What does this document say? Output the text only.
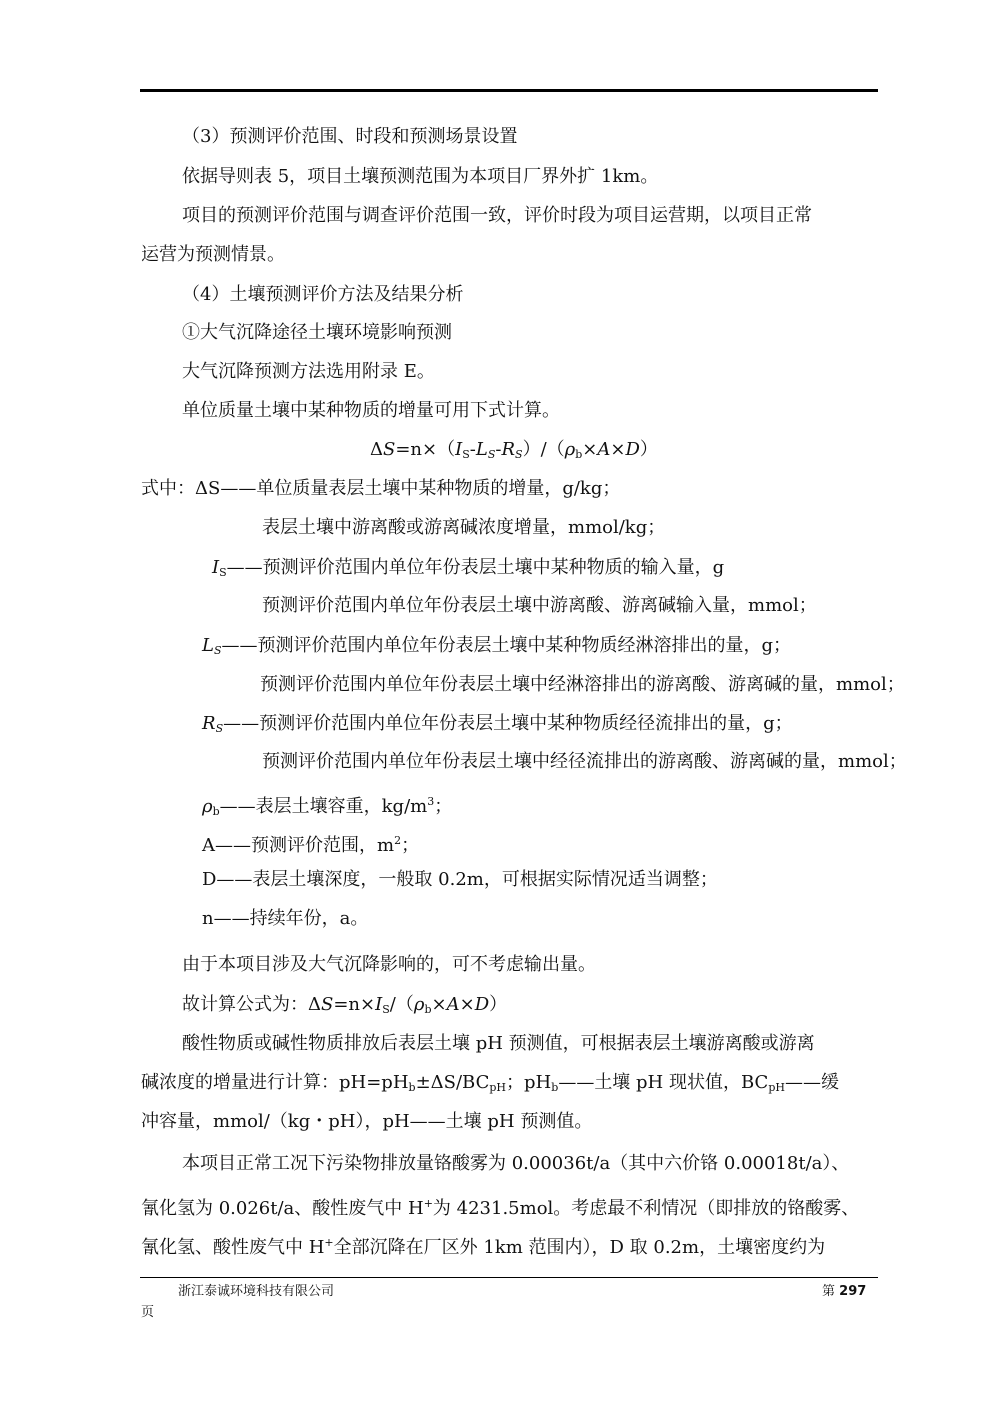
（3）预测评价范围、时段和预测场景设置
依据导则表 5，项目土壤预测范围为本项目厂界外扩 1km。
项目的预测评价范围与调查评价范围一致，评价时段为项目运营期，以项目正常
运营为预测情景。
（4）土壤预测评价方法及结果分析
①大气沉降途径土壤环境影响预测
大气沉降预测方法选用附录 E。
单位质量土壤中某种物质的增量可用下式计算。
$\Delta S=n\times(I_S-L_S-R_S)/(\rho_b\times A\times D)$
式中：ΔS——单位质量表层土壤中某种物质的增量，g/kg；
表层土壤中游离酸或游离碱浓度增量，mmol/kg；
$I_S——$预测评价范围内单位年份表层土壤中某种物质的输入量，g
预测评价范围内单位年份表层土壤中游离酸、游离碱输入量，mmol；
$L_S——$预测评价范围内单位年份表层土壤中某种物质经淋溶排出的量，g；
预测评价范围内单位年份表层土壤中经淋溶排出的游离酸、游离碱的量，mmol；
$R_S——$预测评价范围内单位年份表层土壤中某种物质经径流排出的量，g；
预测评价范围内单位年份表层土壤中经径流排出的游离酸、游离碱的量，mmol；
$\rho_b——$表层土壤容重，$kg/m^3$；
A——预测评价范围，$m^2$；
D——表层土壤深度，一般取 0.2m，可根据实际情况适当调整；
n——持续年份，a。
由于本项目涉及大气沉降影响的，可不考虑输出量。
故计算公式为：$\Delta S=n\times I_S/(\rho_b\times A\times D)$
酸性物质或碱性物质排放后表层土壤 pH 预测值，可根据表层土壤游离酸或游离
碱浓度的增量进行计算：$pH=pH_b\pm\Delta S/BC_{pH}$；$pH_b——$土壤 pH 现状值，$BC_{pH}——$缓
冲容量，mmol/（kg・pH），pH——土壤 pH 预测值。
本项目正常工况下污染物排放量铬酸雾为 0.00036t/a（其中六价铬 0.00018t/a）、
氰化氢为 0.026t/a、酸性废气中 H+为 4231.5mol。考虑最不利情况（即排放的铬酸雾、
氰化氢、酸性废气中 H+全部沉降在厂区外 1km 范围内），D 取 0.2m，土壤密度约为
浙江泰诚环境科技有限公司	第 297
页
